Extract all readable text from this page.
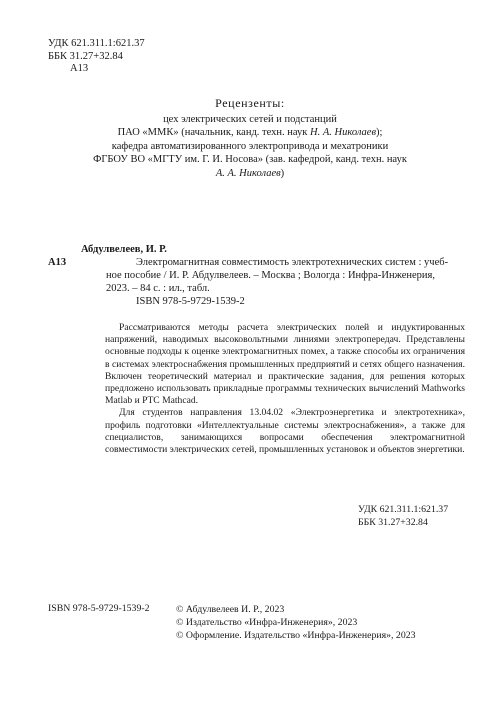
УДК 621.311.1:621.37
ББК 31.27+32.84
А13
Рецензенты:
цех электрических сетей и подстанций
ПАО «ММК» (начальник, канд. техн. наук Н. А. Николаев);
кафедра автоматизированного электропривода и мехатроники
ФГБОУ ВО «МГТУ им. Г. И. Носова» (зав. кафедрой, канд. техн. наук
А. А. Николаев)
Абдулвелеев, И. Р.
А13	Электромагнитная совместимость электротехнических систем : учеб-
ное пособие / И. Р. Абдулвелеев. – Москва ; Вологда : Инфра-Инженерия,
2023. – 84 с. : ил., табл.
ISBN 978-5-9729-1539-2
Рассматриваются методы расчета электрических полей и индуктированных напряжений, наводимых высоковольтными линиями электропередач. Представлены основные подходы к оценке электромагнитных помех, а также способы их ограничения в системах электроснабжения промышленных предприятий и сетях общего назначения. Включен теоретический материал и практические задания, для решения которых предложено использовать прикладные программы технических вычислений Mathworks Matlab и PTC Mathcad.
Для студентов направления 13.04.02 «Электроэнергетика и электротехника», профиль подготовки «Интеллектуальные системы электроснабжения», а также для специалистов, занимающихся вопросами обеспечения электромагнитной совместимости электрических сетей, промышленных установок и объектов энергетики.
УДК 621.311.1:621.37
ББК 31.27+32.84
ISBN 978-5-9729-1539-2	© Абдулвелеев И. Р., 2023
© Издательство «Инфра-Инженерия», 2023
© Оформление. Издательство «Инфра-Инженерия», 2023
